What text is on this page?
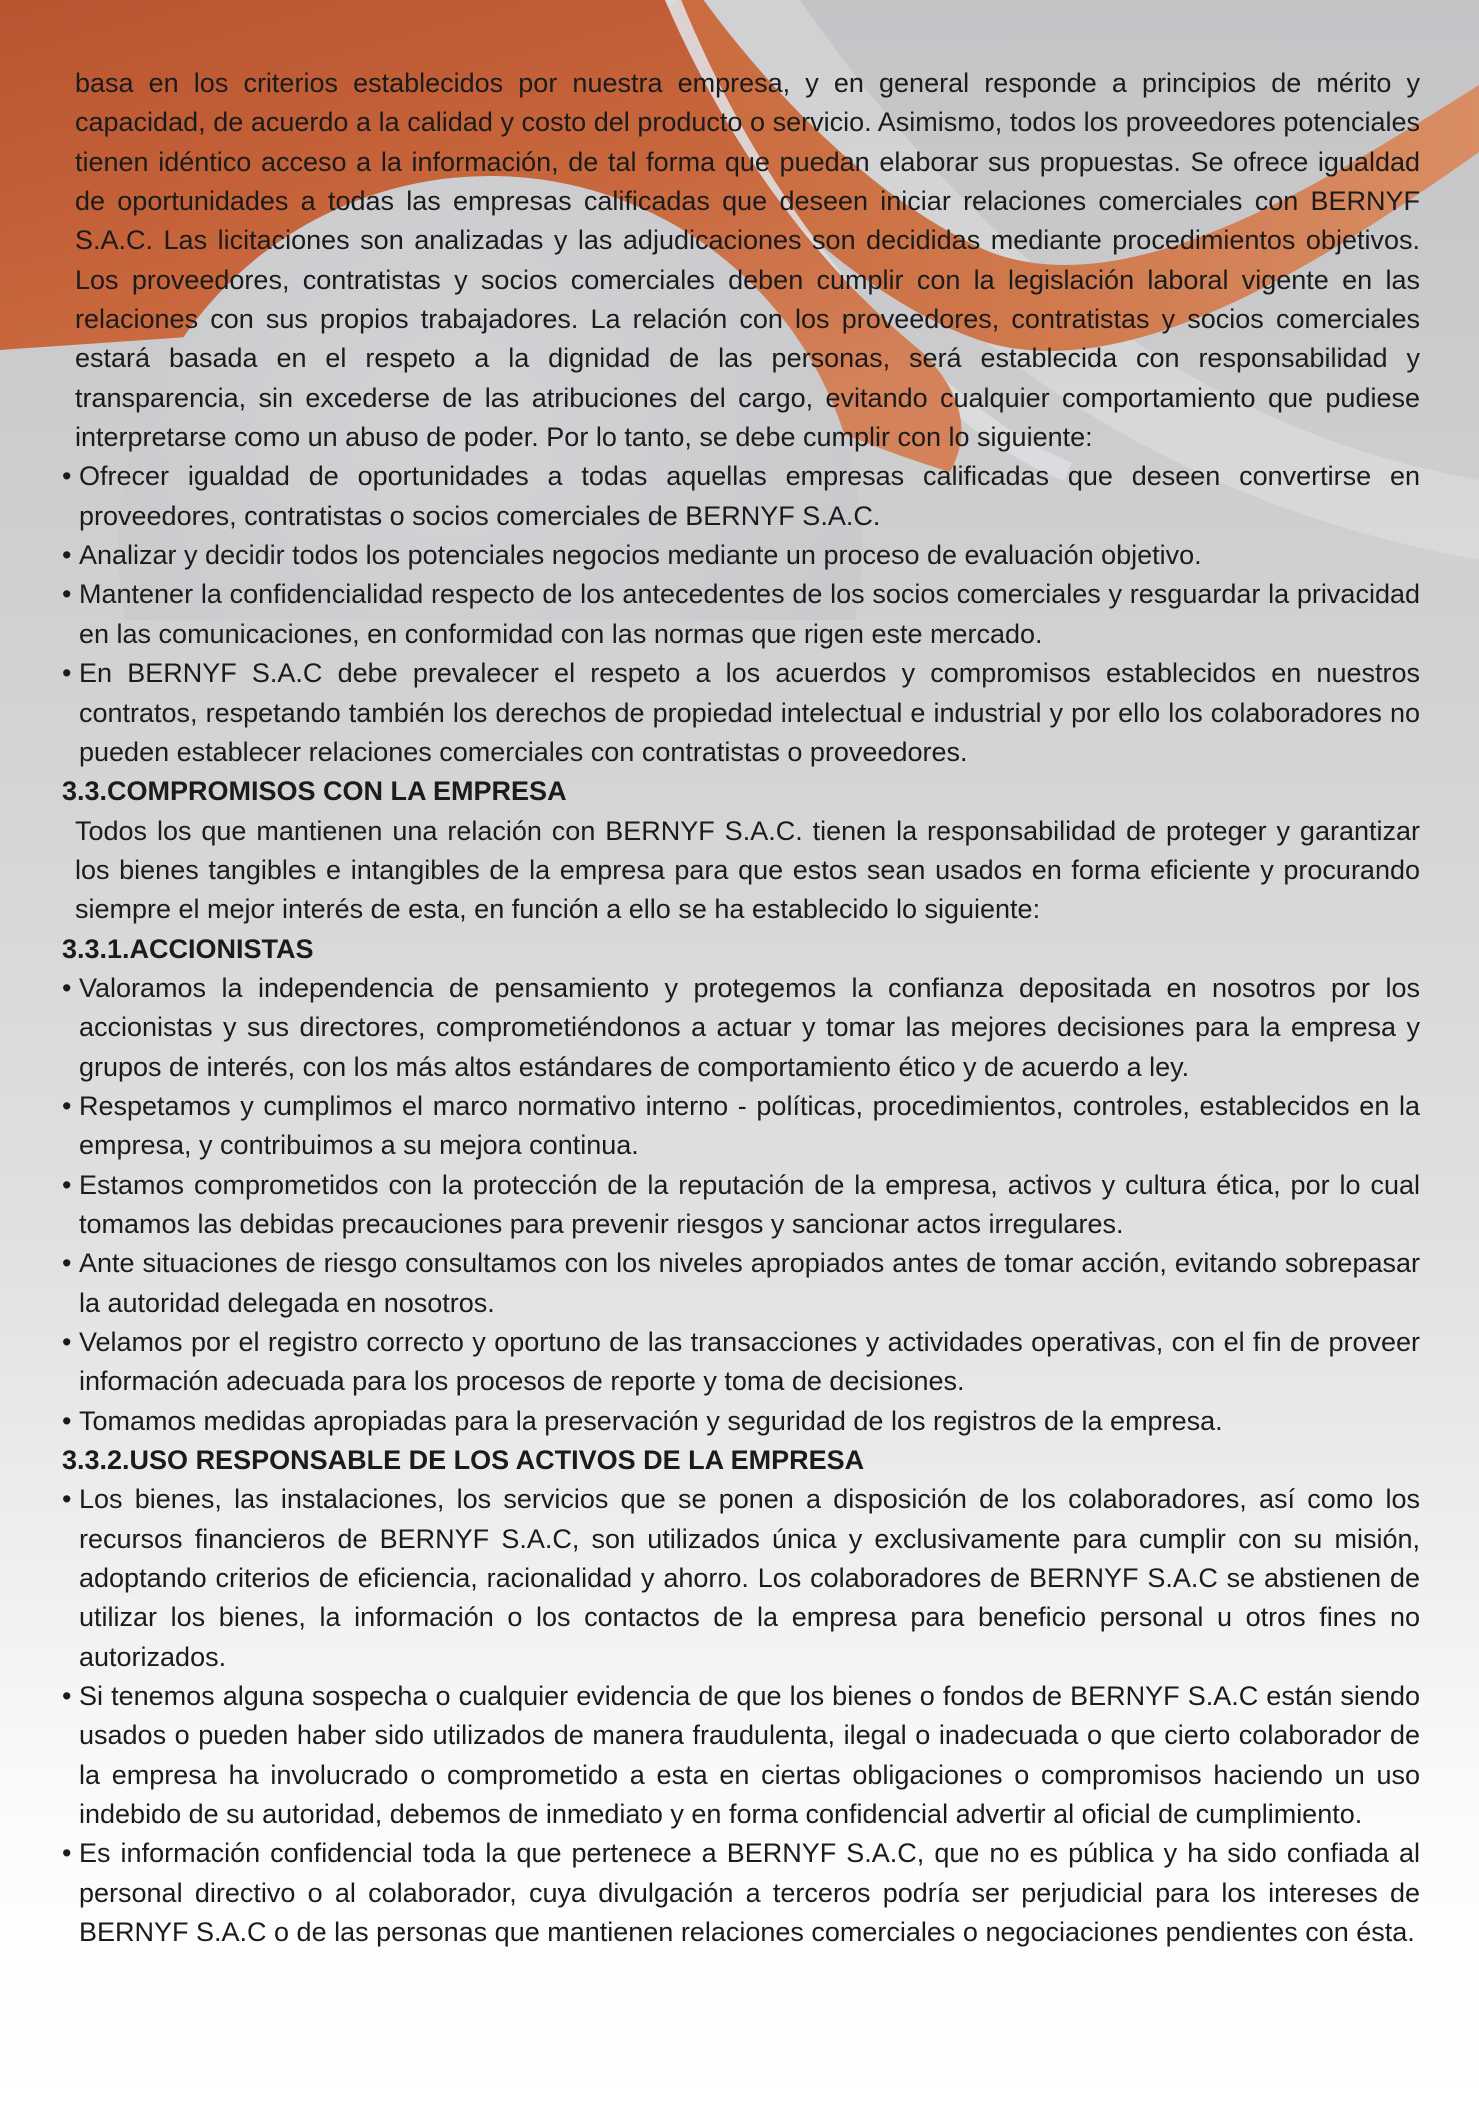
basa en los criterios establecidos por nuestra empresa, y en general responde a principios de mérito y capacidad, de acuerdo a la calidad y costo del producto o servicio. Asimismo, todos los proveedores potenciales tienen idéntico acceso a la información, de tal forma que puedan elaborar sus propuestas. Se ofrece igualdad de oportunidades a todas las empresas calificadas que deseen iniciar relaciones comerciales con BERNYF S.A.C. Las licitaciones son analizadas y las adjudicaciones son decididas mediante procedimientos objetivos. Los proveedores, contratistas y socios comerciales deben cumplir con la legislación laboral vigente en las relaciones con sus propios trabajadores. La relación con los proveedores, contratistas y socios comerciales estará basada en el respeto a la dignidad de las personas, será establecida con responsabilidad y transparencia, sin excederse de las atribuciones del cargo, evitando cualquier comportamiento que pudiese interpretarse como un abuso de poder. Por lo tanto, se debe cumplir con lo siguiente:
• Ofrecer igualdad de oportunidades a todas aquellas empresas calificadas que deseen convertirse en proveedores, contratistas o socios comerciales de BERNYF S.A.C.
• Analizar y decidir todos los potenciales negocios mediante un proceso de evaluación objetivo.
• Mantener la confidencialidad respecto de los antecedentes de los socios comerciales y resguardar la privacidad en las comunicaciones, en conformidad con las normas que rigen este mercado.
• En BERNYF S.A.C debe prevalecer el respeto a los acuerdos y compromisos establecidos en nuestros contratos, respetando también los derechos de propiedad intelectual e industrial y por ello los colaboradores no pueden establecer relaciones comerciales con contratistas o proveedores.
3.3.COMPROMISOS CON LA EMPRESA
Todos los que mantienen una relación con BERNYF S.A.C. tienen la responsabilidad de proteger y garantizar los bienes tangibles e intangibles de la empresa para que estos sean usados en forma eficiente y procurando siempre el mejor interés de esta, en función a ello se ha establecido lo siguiente:
3.3.1.ACCIONISTAS
• Valoramos la independencia de pensamiento y protegemos la confianza depositada en nosotros por los accionistas y sus directores, comprometiéndonos a actuar y tomar las mejores decisiones para la empresa y grupos de interés, con los más altos estándares de comportamiento ético y de acuerdo a ley.
• Respetamos y cumplimos el marco normativo interno - políticas, procedimientos, controles, establecidos en la empresa, y contribuimos a su mejora continua.
• Estamos comprometidos con la protección de la reputación de la empresa, activos y cultura ética, por lo cual tomamos las debidas precauciones para prevenir riesgos y sancionar actos irregulares.
• Ante situaciones de riesgo consultamos con los niveles apropiados antes de tomar acción, evitando sobrepasar la autoridad delegada en nosotros.
• Velamos por el registro correcto y oportuno de las transacciones y actividades operativas, con el fin de proveer información adecuada para los procesos de reporte y toma de decisiones.
• Tomamos medidas apropiadas para la preservación y seguridad de los registros de la empresa.
3.3.2.USO RESPONSABLE DE LOS ACTIVOS DE LA EMPRESA
• Los bienes, las instalaciones, los servicios que se ponen a disposición de los colaboradores, así como los recursos financieros de BERNYF S.A.C, son utilizados única y exclusivamente para cumplir con su misión, adoptando criterios de eficiencia, racionalidad y ahorro. Los colaboradores de BERNYF S.A.C se abstienen de utilizar los bienes, la información o los contactos de la empresa para beneficio personal u otros fines no autorizados.
• Si tenemos alguna sospecha o cualquier evidencia de que los bienes o fondos de BERNYF S.A.C están siendo usados o pueden haber sido utilizados de manera fraudulenta, ilegal o inadecuada o que cierto colaborador de la empresa ha involucrado o comprometido a esta en ciertas obligaciones o compromisos haciendo un uso indebido de su autoridad, debemos de inmediato y en forma confidencial advertir al oficial de cumplimiento.
• Es información confidencial toda la que pertenece a BERNYF S.A.C, que no es pública y ha sido confiada al personal directivo o al colaborador, cuya divulgación a terceros podría ser perjudicial para los intereses de BERNYF S.A.C o de las personas que mantienen relaciones comerciales o negociaciones pendientes con ésta.
